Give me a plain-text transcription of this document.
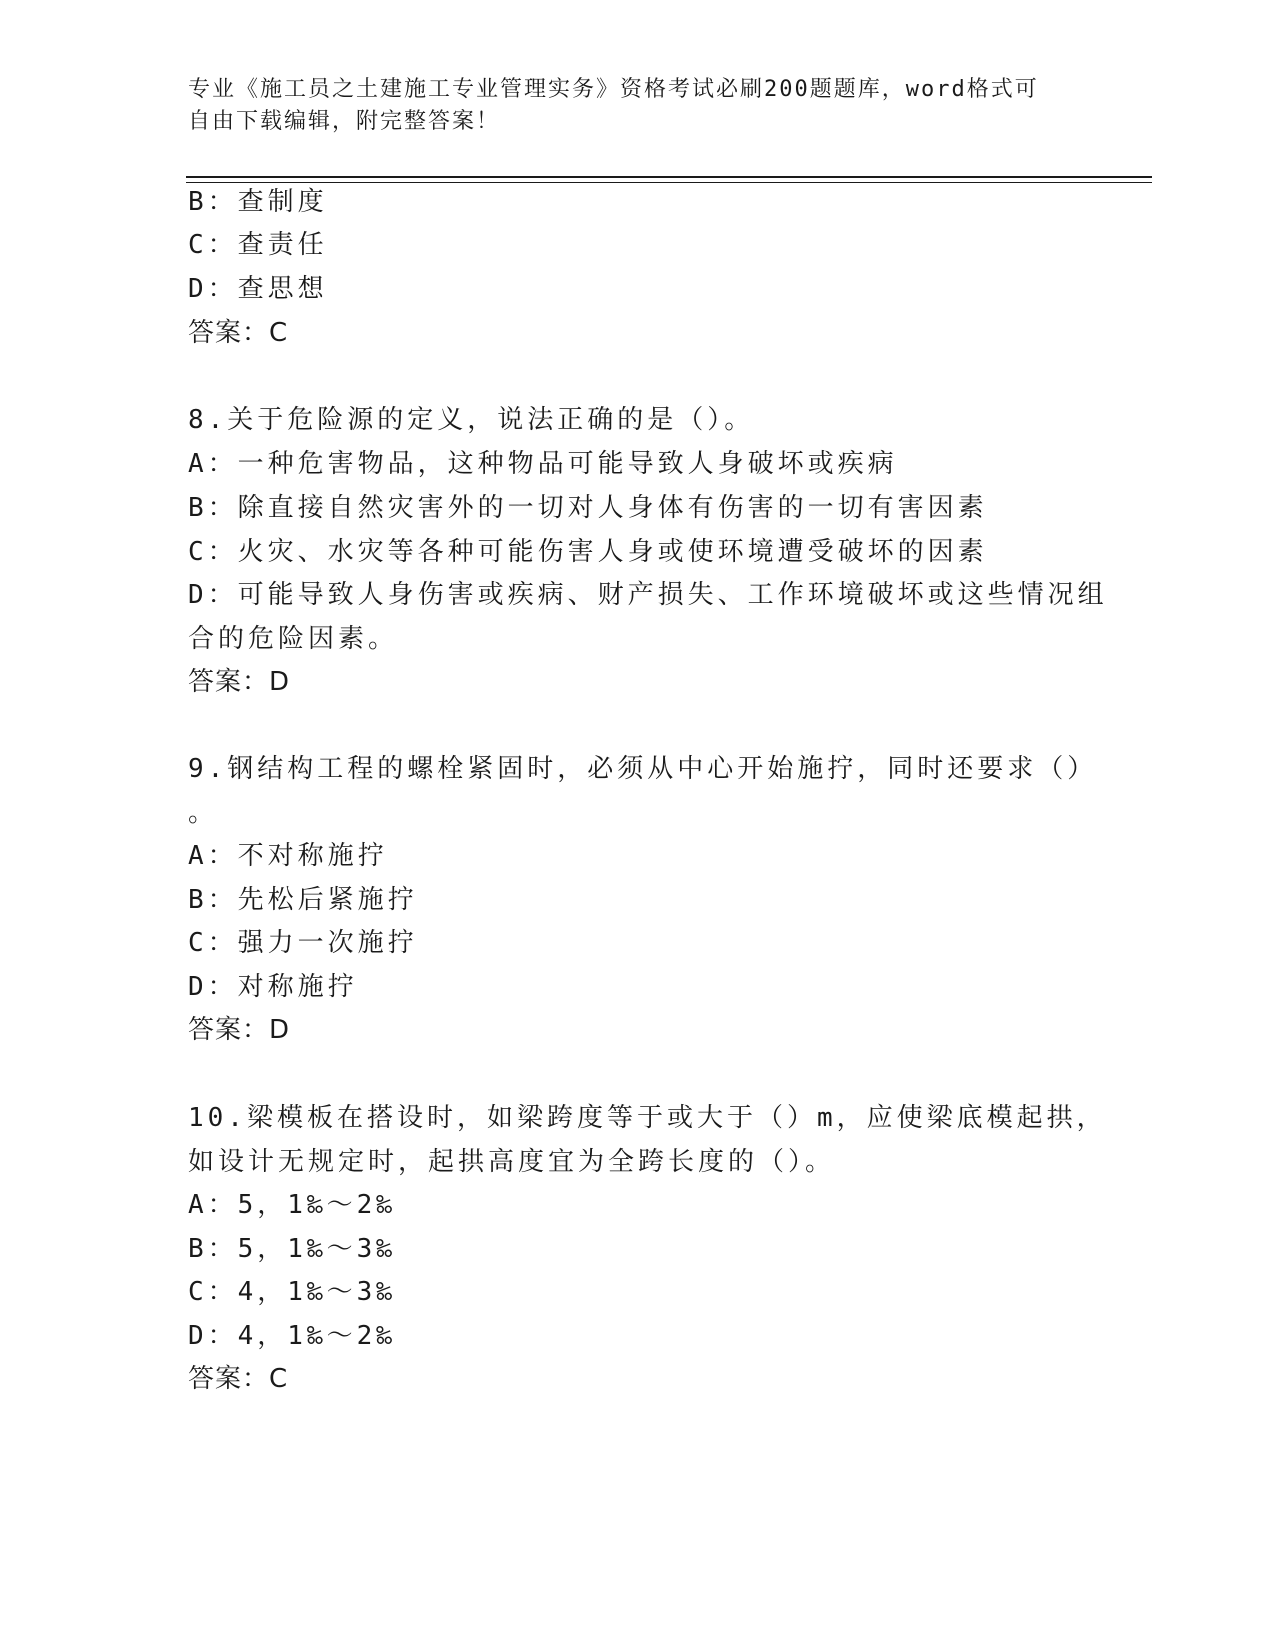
专业《施工员之土建施工专业管理实务》资格考试必刷200题题库，word格式可
自由下载编辑，附完整答案！
B：查制度
C：查责任
D：查思想
答案：C
8.关于危险源的定义，说法正确的是（）。
A：一种危害物品，这种物品可能导致人身破坏或疾病
B：除直接自然灾害外的一切对人身体有伤害的一切有害因素
C：火灾、水灾等各种可能伤害人身或使环境遭受破坏的因素
D：可能导致人身伤害或疾病、财产损失、工作环境破坏或这些情况组
合的危险因素。
答案：D
9.钢结构工程的螺栓紧固时，必须从中心开始施拧，同时还要求（）
。
A：不对称施拧
B：先松后紧施拧
C：强力一次施拧
D：对称施拧
答案：D
10.梁模板在搭设时，如梁跨度等于或大于（）m，应使梁底模起拱，
如设计无规定时，起拱高度宜为全跨长度的（）。
A：5，1‰～2‰
B：5，1‰～3‰
C：4，1‰～3‰
D：4，1‰～2‰
答案：C
